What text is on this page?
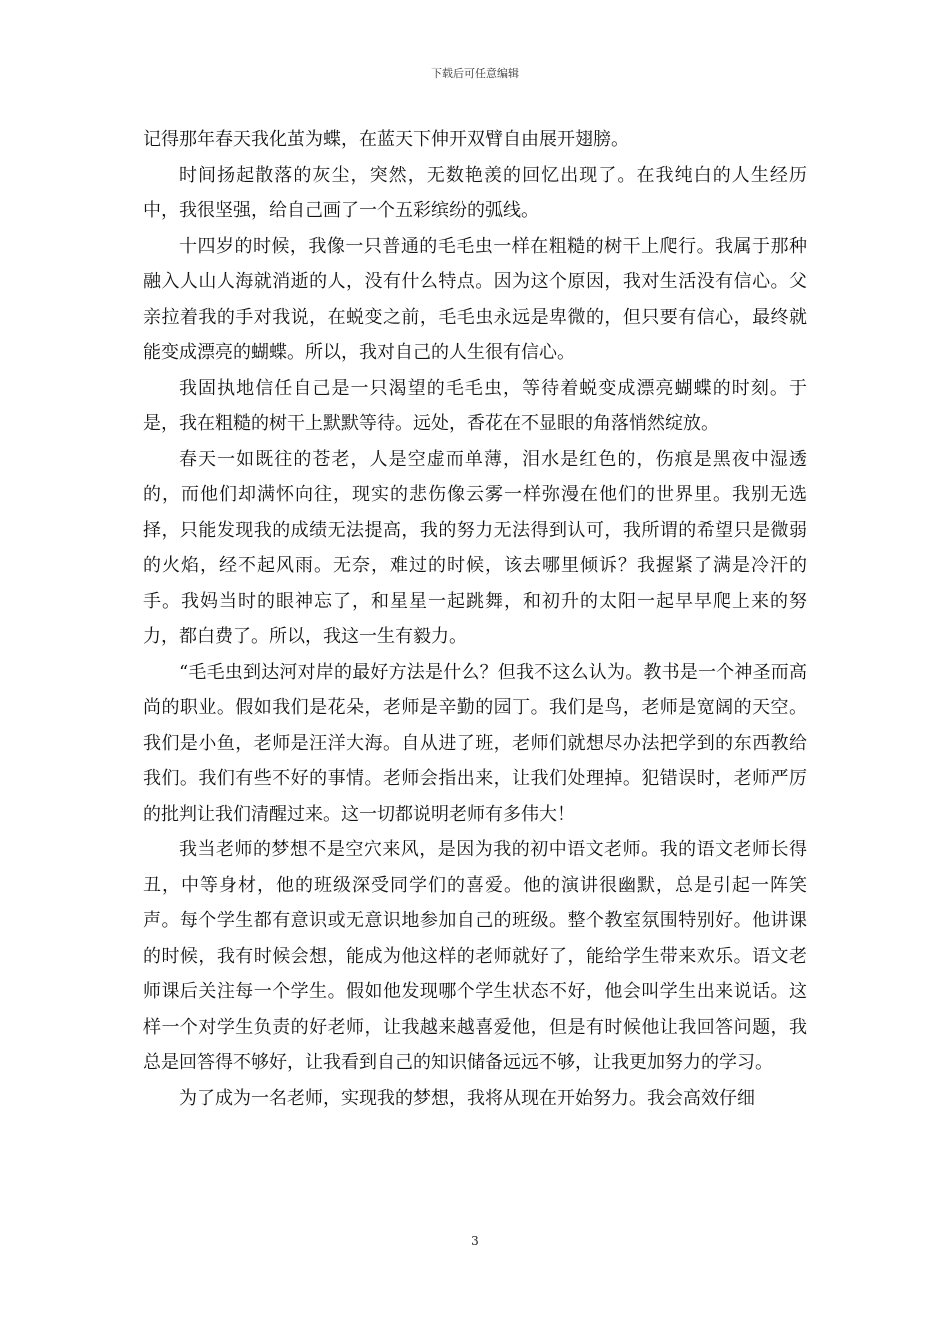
下载后可任意编辑

记得那年春天我化茧为蝶，在蓝天下伸开双臂自由展开翅膀。

时间扬起散落的灰尘，突然，无数艳羡的回忆出现了。在我纯白的人生经历中，我很坚强，给自己画了一个五彩缤纷的弧线。

十四岁的时候，我像一只普通的毛毛虫一样在粗糙的树干上爬行。我属于那种融入人山人海就消逝的人，没有什么特点。因为这个原因，我对生活没有信心。父亲拉着我的手对我说，在蜕变之前，毛毛虫永远是卑微的，但只要有信心，最终就能变成漂亮的蝴蝶。所以，我对自己的人生很有信心。

我固执地信任自己是一只渴望的毛毛虫，等待着蜕变成漂亮蝴蝶的时刻。于是，我在粗糙的树干上默默等待。远处，香花在不显眼的角落悄然绽放。

春天一如既往的苍老，人是空虚而单薄，泪水是红色的，伤痕是黑夜中湿透的，而他们却满怀向往，现实的悲伤像云雾一样弥漫在他们的世界里。我别无选择，只能发现我的成绩无法提高，我的努力无法得到认可，我所谓的希望只是微弱的火焰，经不起风雨。无奈，难过的时候，该去哪里倾诉？我握紧了满是冷汗的手。我妈当时的眼神忘了，和星星一起跳舞，和初升的太阳一起早早爬上来的努力，都白费了。所以，我这一生有毅力。

“毛毛虫到达河对岸的最好方法是什么？但我不这么认为。教书是一个神圣而高尚的职业。假如我们是花朵，老师是辛勤的园丁。我们是鸟，老师是宽阔的天空。我们是小鱼，老师是汪洋大海。自从进了班，老师们就想尽办法把学到的东西教给我们。我们有些不好的事情。老师会指出来，让我们处理掉。犯错误时，老师严厉的批判让我们清醒过来。这一切都说明老师有多伟大！

我当老师的梦想不是空穴来风，是因为我的初中语文老师。我的语文老师长得丑，中等身材，他的班级深受同学们的喜爱。他的演讲很幽默，总是引起一阵笑声。每个学生都有意识或无意识地参加自己的班级。整个教室氛围特别好。他讲课的时候，我有时候会想，能成为他这样的老师就好了，能给学生带来欢乐。语文老师课后关注每一个学生。假如他发现哪个学生状态不好，他会叫学生出来说话。这样一个对学生负责的好老师，让我越来越喜爱他，但是有时候他让我回答问题，我总是回答得不够好，让我看到自己的知识储备远远不够，让我更加努力的学习。

为了成为一名老师，实现我的梦想，我将从现在开始努力。我会高效仔细

3
